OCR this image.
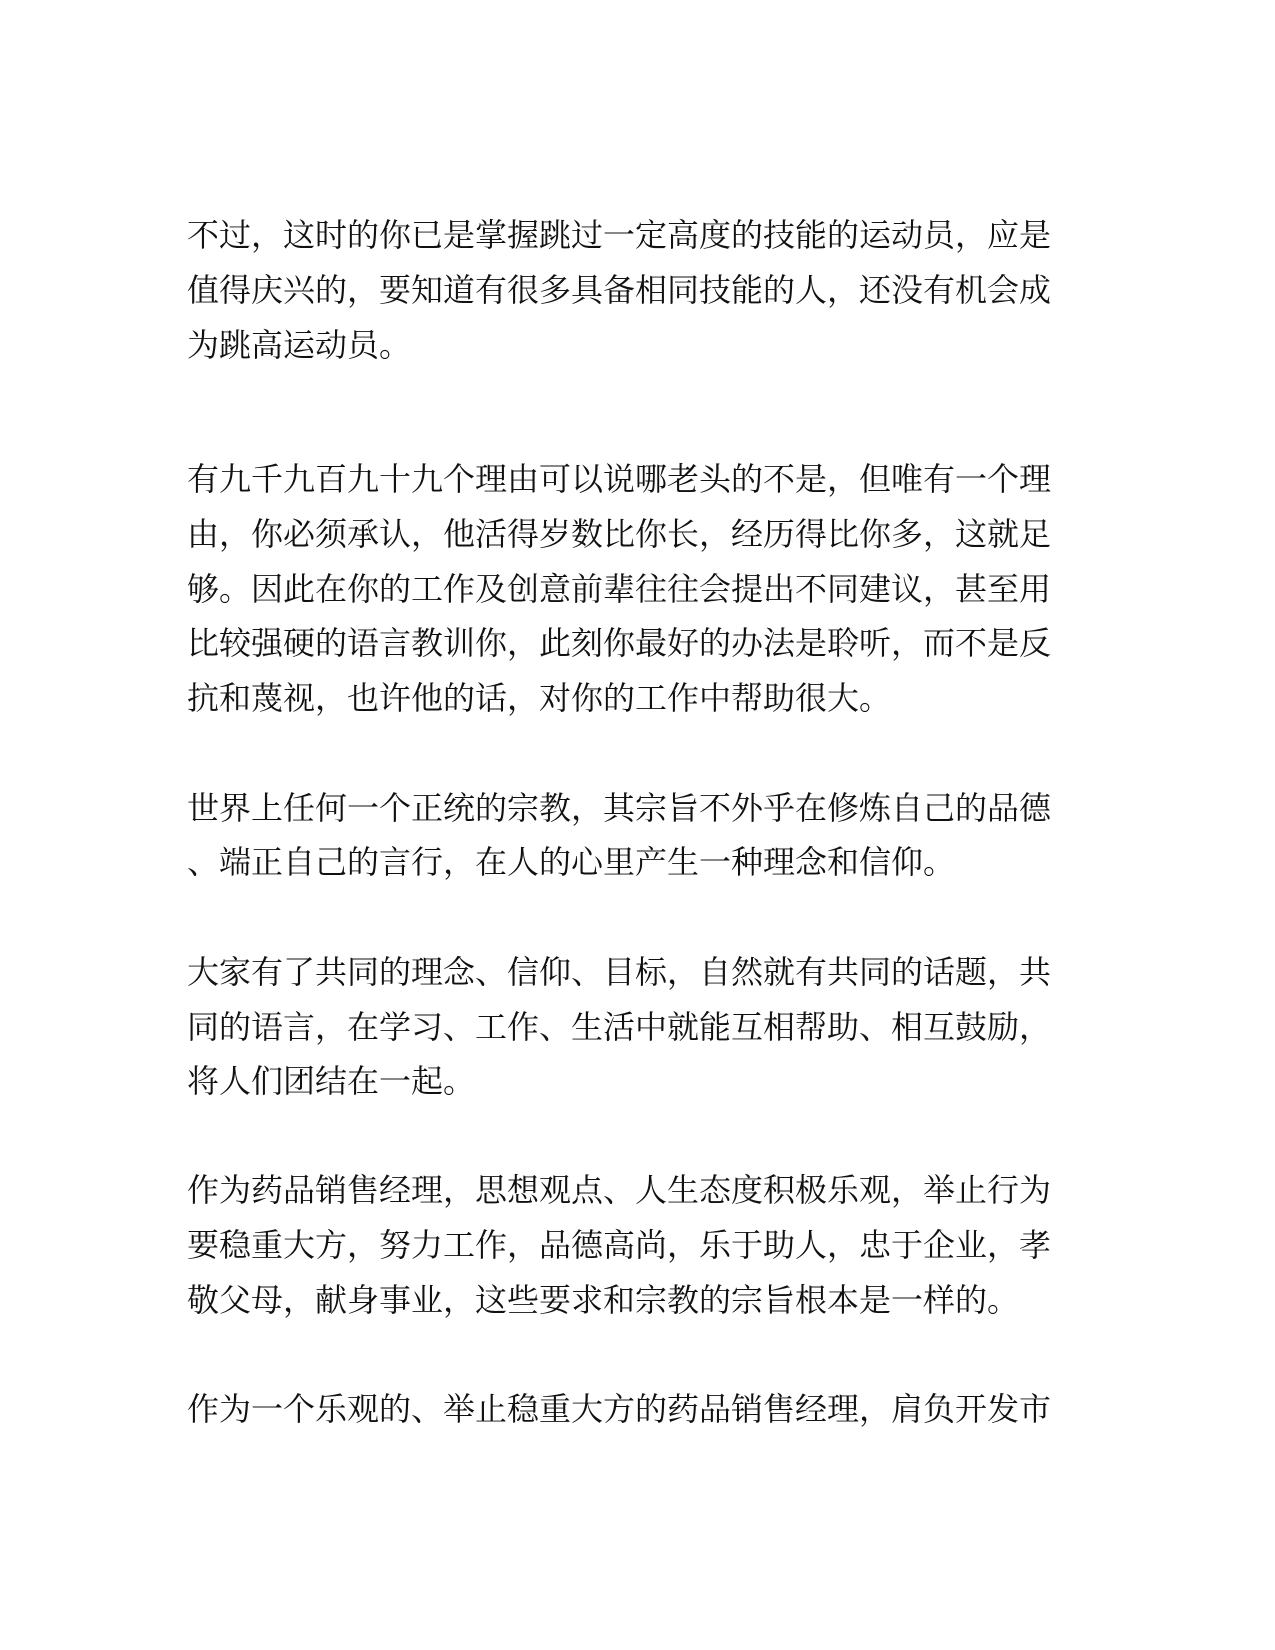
不过，这时的你已是掌握跳过一定高度的技能的运动员，应是
值得庆兴的，要知道有很多具备相同技能的人，还没有机会成
为跳高运动员。
有九千九百九十九个理由可以说哪老头的不是，但唯有一个理
由，你必须承认，他活得岁数比你长，经历得比你多，这就足
够。因此在你的工作及创意前辈往往会提出不同建议，甚至用
比较强硬的语言教训你，此刻你最好的办法是聆听，而不是反
抗和蔑视，也许他的话，对你的工作中帮助很大。
世界上任何一个正统的宗教，其宗旨不外乎在修炼自己的品德
、端正自己的言行，在人的心里产生一种理念和信仰。
大家有了共同的理念、信仰、目标，自然就有共同的话题，共
同的语言，在学习、工作、生活中就能互相帮助、相互鼓励，
将人们团结在一起。
作为药品销售经理，思想观点、人生态度积极乐观，举止行为
要稳重大方，努力工作，品德高尚，乐于助人，忠于企业，孝
敬父母，献身事业，这些要求和宗教的宗旨根本是一样的。
作为一个乐观的、举止稳重大方的药品销售经理，肩负开发市
